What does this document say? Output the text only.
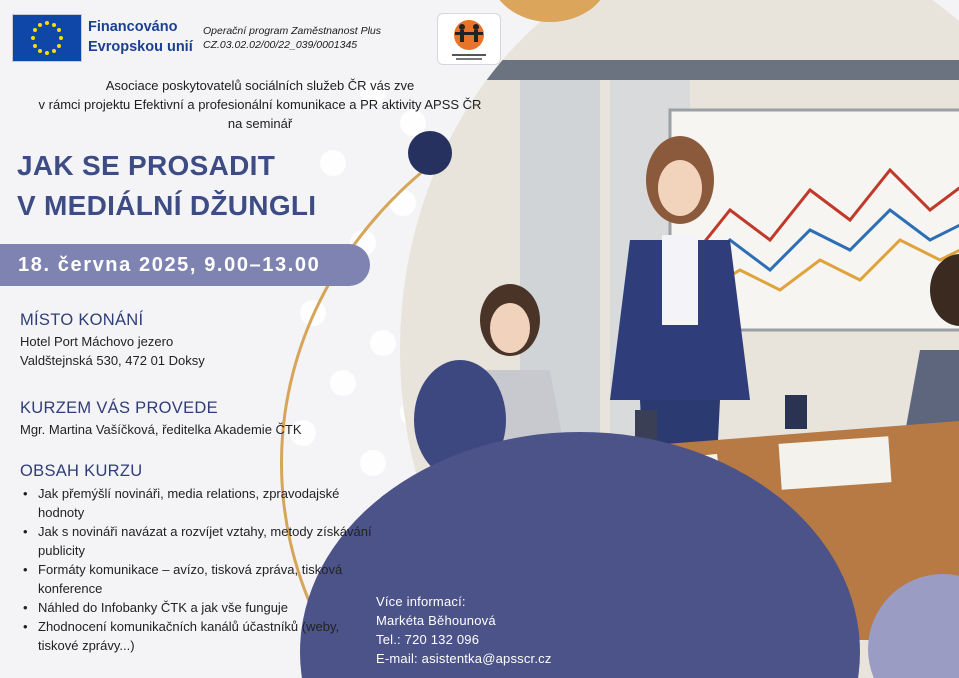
Financováno
Evropskou unií
Operační program Zaměstnanost Plus
CZ.03.02.02/00/22_039/0001345
Asociace poskytovatelů sociálních služeb ČR vás zve
v rámci projektu Efektivní a profesionální komunikace a PR aktivity APSS ČR
na seminář
JAK SE PROSADIT
V MEDIÁLNÍ DŽUNGLI
18. června 2025, 9.00–13.00
MÍSTO KONÁNÍ
Hotel Port Máchovo jezero
Valdštejnská 530, 472 01 Doksy
KURZEM VÁS PROVEDE
Mgr. Martina Vašíčková, ředitelka Akademie ČTK
OBSAH KURZU
• Jak přemýšlí novináři, media relations, zpravodajské hodnoty
• Jak s novináři navázat a rozvíjet vztahy, metody získávání publicity
• Formáty komunikace – avízo, tisková zpráva, tisková konference
• Náhled do Infobanky ČTK a jak vše funguje
• Zhodnocení komunikačních kanálů účastníků (weby, tiskové zprávy...)
Více informací:
Markéta Běhounová
Tel.: 720 132 096
E-mail: asistentka@apsscr.cz
